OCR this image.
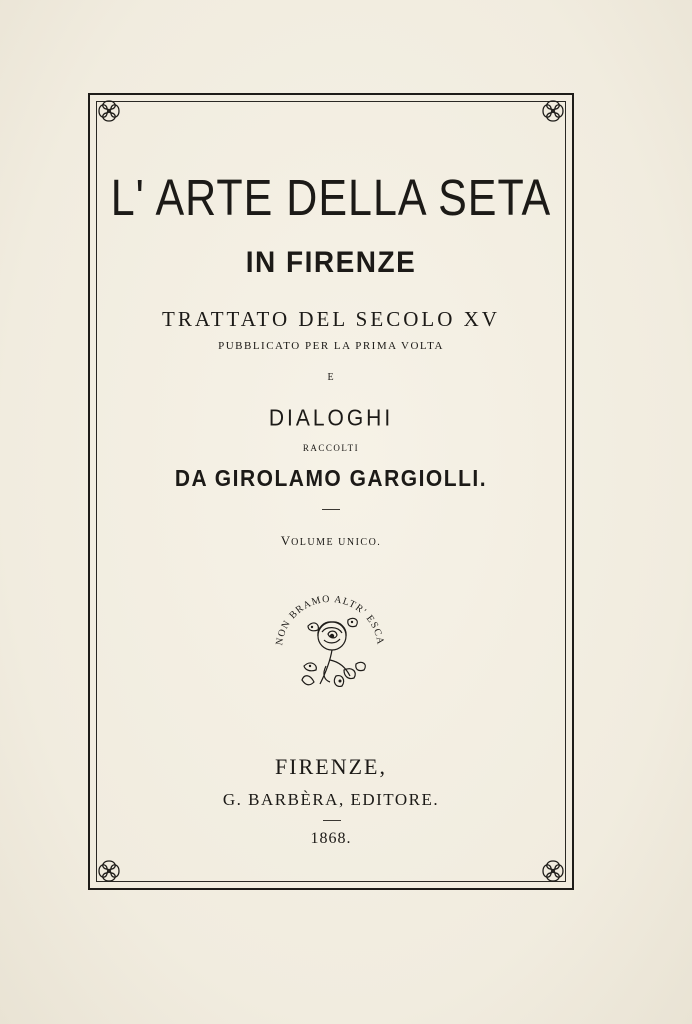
L' ARTE DELLA SETA
IN FIRENZE
TRATTATO DEL SECOLO XV
PUBBLICATO PER LA PRIMA VOLTA
E
DIALOGHI
RACCOLTI
DA GIROLAMO GARGIOLLI.
VOLUME UNICO.
NON BRAMO ALTR' ESCA
FIRENZE,
G. BARBÈRA, EDITORE.
1868.
